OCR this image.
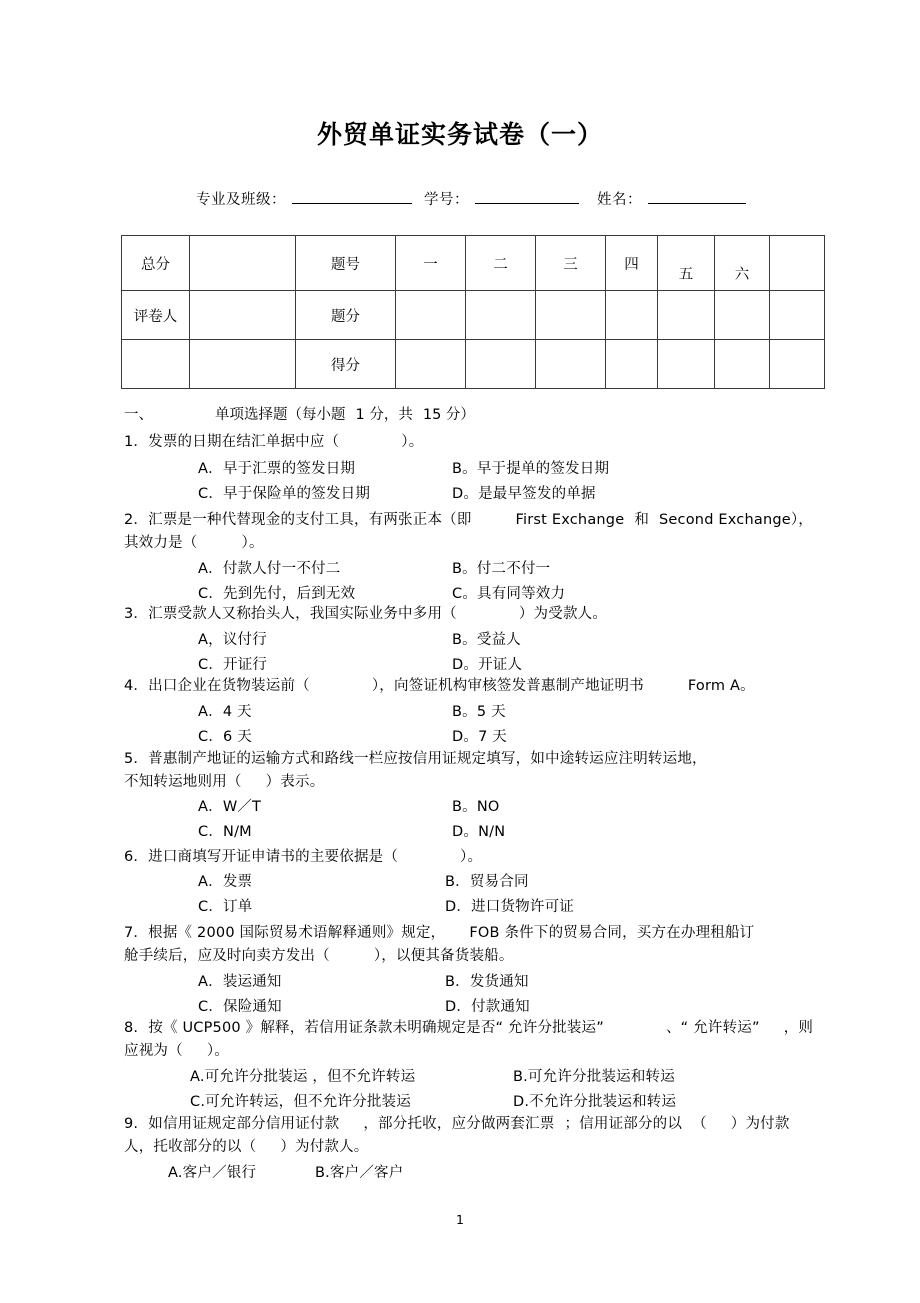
外贸单证实务试卷（一）
专业及班级：	学号：	姓名：
总分		题号	一	二	三	四	五	六	
评卷人		题分							
		得分							
一、	单项选择题（每小题 1 分，共 15 分）
1．发票的日期在结汇单据中应（	）。
A．早于汇票的签发日期	B。早于提单的签发日期
C．早于保险单的签发日期	D。是最早签发的单据
2．汇票是一种代替现金的支付工具，有两张正本（即	First Exchange 和 Second Exchange），
其效力是（	）。
A．付款人付一不付二	B。付二不付一
C．先到先付，后到无效	C。具有同等效力
3．汇票受款人又称抬头人，我国实际业务中多用（	）为受款人。
A，议付行	B。受益人
C．开证行	D。开证人
4．出口企业在货物装运前（	），向签证机构审核签发普惠制产地证明书	Form A。
A．4 天	B。5 天
C．6 天	D。7 天
5．普惠制产地证的运输方式和路线一栏应按信用证规定填写，如中途转运应注明转运地，
不知转运地则用（ ）表示。
A．W／T	B。NO
C．N/M	D。N/N
6．进口商填写开证申请书的主要依据是（	）。
A．发票	B．贸易合同
C．订单	D．进口货物许可证
7．根据《 2000 国际贸易术语解释通则》规定， FOB 条件下的贸易合同，买方在办理租船订
舱手续后，应及时向卖方发出（	），以便其备货装船。
A．装运通知	B．发货通知
C．保险通知	D．付款通知
8. 按《 UCP500 》解释，若信用证条款未明确规定是否“ 允许分批装运”	、“ 允许转运” ，则
应视为（ ）。
A.可允许分批装运 ，但不允许转运	B.可允许分批装运和转运
C.可允许转运，但不允许分批装运	D.不允许分批装运和转运
9. 如信用证规定部分信用证付款 ，部分托收，应分做两套汇票 ；信用证部分的以 （ ）为付款
人，托收部分的以（ ）为付款人。
A.客户／银行	B.客户／客户
1
